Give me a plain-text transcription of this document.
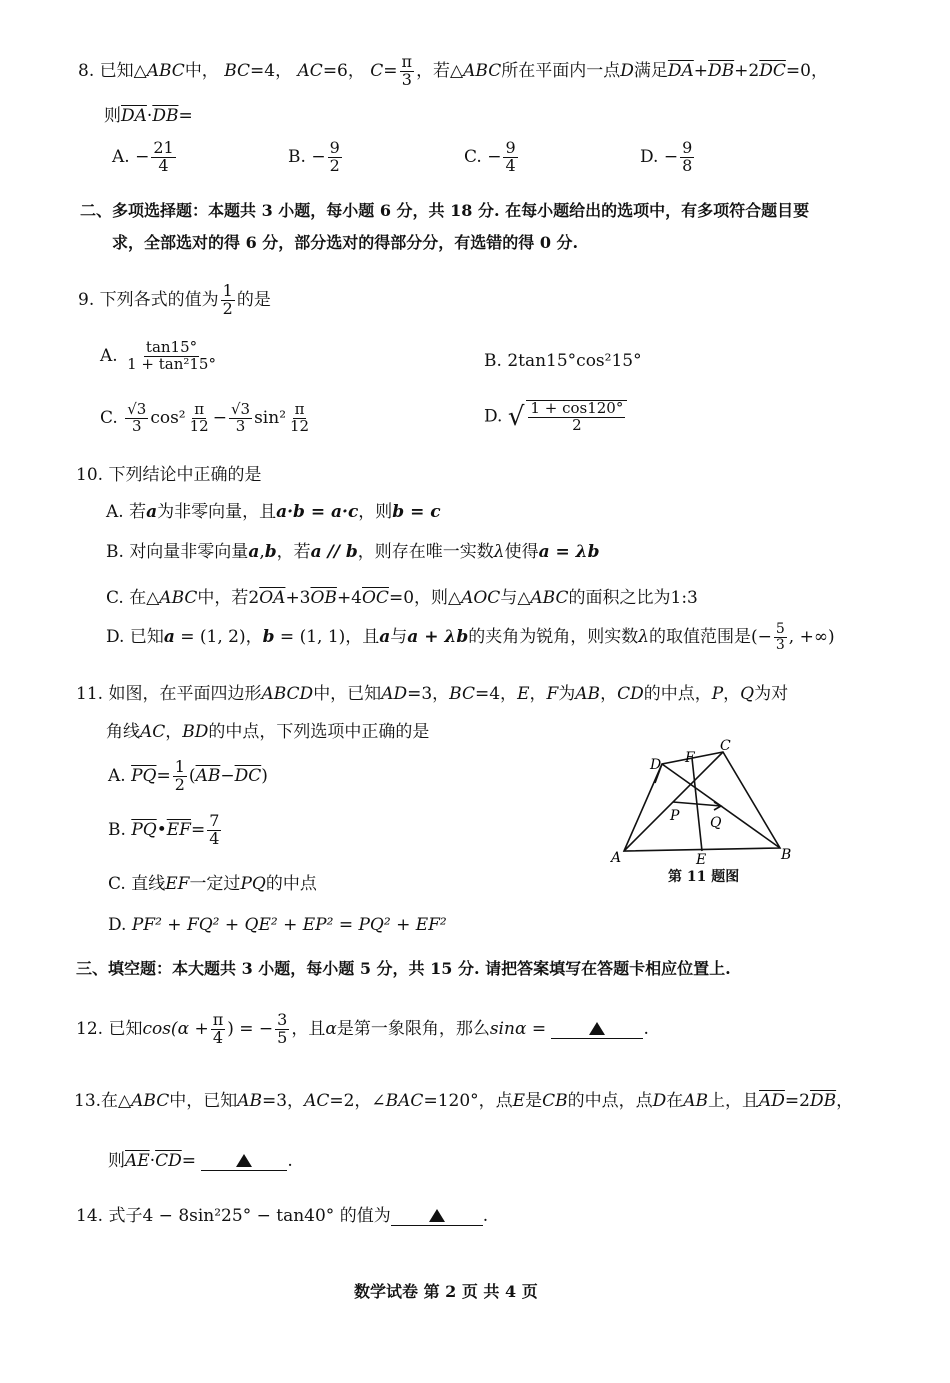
8. 已知△ABC中， BC=4， AC=6， $C= \frac{\pi}{3}$ ，若△ABC所在平面内一点D满足$\overline{DA}+\overline{DB}+2\overline{DC}=0$，
则$\overline{DA}\cdot\overline{DB}=$
A. − $\frac{21}{4}$	B. − $\frac{9}{2}$	C. − $\frac{9}{4}$	D. − $\frac{9}{8}$
二、多项选择题：本题共 3 小题，每小题 6 分，共 18 分. 在每小题给出的选项中，有多项符合题目要
求，全部选对的得 6 分，部分选对的得部分分，有选错的得 0 分.
9. 下列各式的值为 $\frac{1}{2}$ 的是
A. $\frac{\tan 15^\circ}{\text{1 + tan²15°}}$	B. 2tan15°cos²15°
C. $\frac{√3}{3} \cos^2 \frac{\pi}{12} - \frac{√3}{3} \sin^2 \frac{\pi}{12}$	D. √ $\frac{1 + \cos 120^\circ}{2}$
10. 下列结论中正确的是
A. 若a为非零向量，且a·b = a·c，则b = c
B. 对向量非零向量a,b，若a // b，则存在唯一实数λ使得a = λb
C. 在△ABC中，若$2\overline{OA}+3\overline{OB}+4\overline{OC}=0$，则△AOC与△ABC的面积之比为1:3
D. 已知a = (1, 2)，b = (1, 1)，且a与a + λb的夹角为锐角，则实数λ的取值范围是(− $\frac{5}{3}$ , +∞)
11. 如图，在平面四边形ABCD中，已知AD=3，BC=4，E，F为AB，CD的中点，P，Q为对
角线AC，BD的中点，下列选项中正确的是
A. $\overline{PQ}= \frac{1}{2} (\overline{AB}-\overline{DC})$
B. $\overline{PQ}•\overline{EF}= \frac{7}{4}$
C. 直线EF一定过PQ的中点
D. PF² + FQ² + QE² + EP² = PQ² + EF²
A	B
C
D
E
F
P Q
第 11 题图
三、填空题：本大题共 3 小题，每小题 5 分，共 15 分. 请把答案填写在答题卡相应位置上.
12. 已知$\cos(\alpha + \frac{\pi}{4}$ ) = − $\frac{3}{5}$ ，且α是第一象限角，那么sinα =	.
13.在△ABC中，已知AB=3，AC=2，∠BAC=120°，点E是CB的中点，点D在AB上，且$\overline{AD}=2\overline{DB}$，
则$\overline{AE}\cdot\overline{CD}=$	.
14. 式子4 − 8sin²25° − tan40° 的值为	.
数学试卷 第 2 页 共 4 页
